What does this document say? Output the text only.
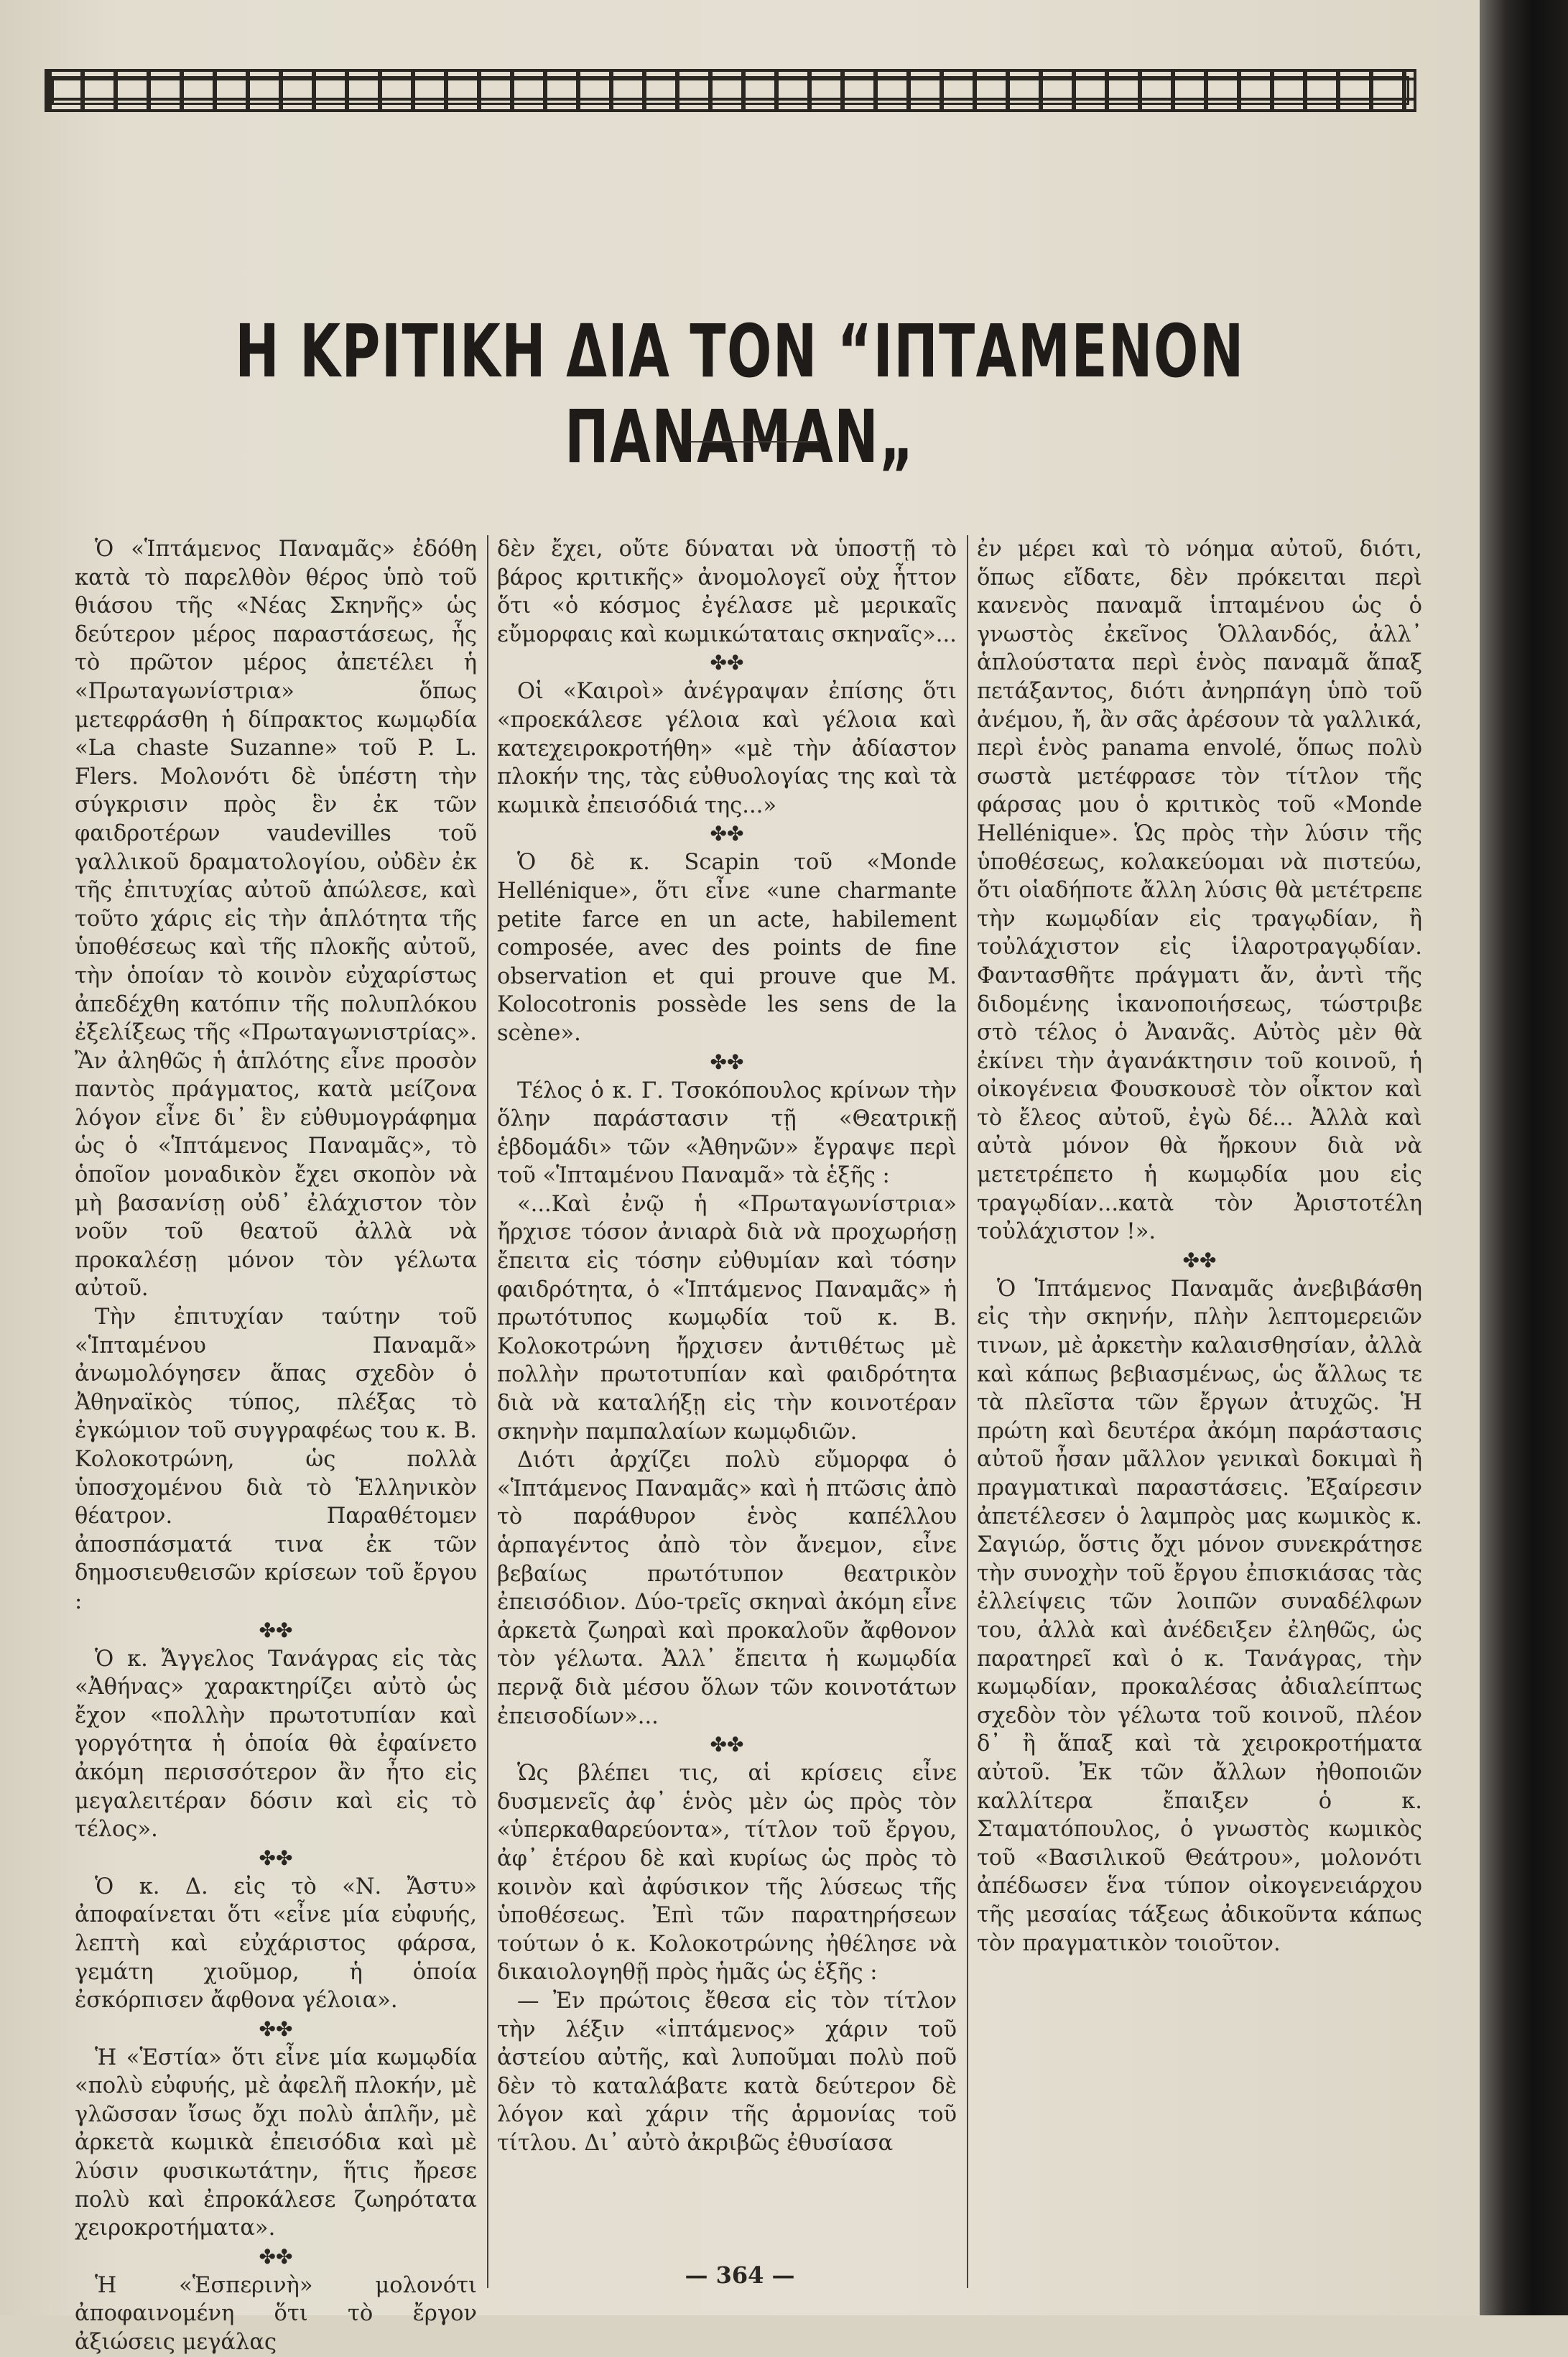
Η ΚΡΙΤΙΚΗ ΔΙΑ ΤΟΝ “ΙΠΤΑΜΕΝΟΝ ΠΑΝΑΜΑΝ„

Ὁ «Ἱπτάμενος Παναμᾶς» ἐδόθη κατὰ τὸ παρελθὸν θέρος ὑπὸ τοῦ θιάσου τῆς «Νέας Σκηνῆς» ὡς δεύτερον μέρος παραστάσεως, ἧς τὸ πρῶτον μέρος ἀπετέλει ἡ «Πρωταγωνίστρια» ὅπως μετεφράσθη ἡ δίπρακτος κωμῳδία «La chaste Suzanne» τοῦ P. L. Flers. Μολονότι δὲ ὑπέστη τὴν σύγκρισιν πρὸς ἓν ἐκ τῶν φαιδροτέρων vaudevilles τοῦ γαλλικοῦ δραματολογίου, οὐδὲν ἐκ τῆς ἐπιτυχίας αὐτοῦ ἀπώλεσε, καὶ τοῦτο χάρις εἰς τὴν ἁπλότητα τῆς ὑποθέσεως καὶ τῆς πλοκῆς αὐτοῦ, τὴν ὁποίαν τὸ κοινὸν εὐχαρίστως ἀπεδέχθη κατόπιν τῆς πολυπλόκου ἐξελίξεως τῆς «Πρωταγωνιστρίας». Ἂν ἀληθῶς ἡ ἁπλότης εἶνε προσὸν παντὸς πράγματος, κατὰ μείζονα λόγον εἶνε δι᾽ ἓν εὐθυμογράφημα ὡς ὁ «Ἱπτάμενος Παναμᾶς», τὸ ὁποῖον μοναδικὸν ἔχει σκοπὸν νὰ μὴ βασανίσῃ οὐδ᾽ ἐλάχιστον τὸν νοῦν τοῦ θεατοῦ ἀλλὰ νὰ προκαλέσῃ μόνον τὸν γέλωτα αὐτοῦ.

Τὴν ἐπιτυχίαν ταύτην τοῦ «Ἱπταμένου Παναμᾶ» ἀνωμολόγησεν ἅπας σχεδὸν ὁ Ἀθηναϊκὸς τύπος, πλέξας τὸ ἐγκώμιον τοῦ συγγραφέως του κ. Β. Κολοκοτρώνη, ὡς πολλὰ ὑποσχομένου διὰ τὸ Ἑλληνικὸν θέατρον. Παραθέτομεν ἀποσπάσματά τινα ἐκ τῶν δημοσιευθεισῶν κρίσεων τοῦ ἔργου :

✤✤

Ὁ κ. Ἄγγελος Τανάγρας εἰς τὰς «Ἀθήνας» χαρακτηρίζει αὐτὸ ὡς ἔχον «πολλὴν πρωτοτυπίαν καὶ γοργότητα ἡ ὁποία θὰ ἐφαίνετο ἀκόμη περισσότερον ἂν ἦτο εἰς μεγαλειτέραν δόσιν καὶ εἰς τὸ τέλος».

✤✤

Ὁ κ. Δ. εἰς τὸ «Ν. Ἄστυ» ἀποφαίνεται ὅτι «εἶνε μία εὐφυής, λεπτὴ καὶ εὐχάριστος φάρσα, γεμάτη χιοῦμορ, ἡ ὁποία ἐσκόρπισεν ἄφθονα γέλοια».

✤✤

Ἡ «Ἑστία» ὅτι εἶνε μία κωμῳδία «πολὺ εὐφυής, μὲ ἀφελῆ πλοκήν, μὲ γλῶσσαν ἴσως ὄχι πολὺ ἁπλῆν, μὲ ἀρκετὰ κωμικὰ ἐπεισόδια καὶ μὲ λύσιν φυσικωτάτην, ἥτις ἤρεσε πολὺ καὶ ἐπροκάλεσε ζωηρότατα χειροκροτήματα».

✤✤

Ἡ «Ἑσπερινὴ» μολονότι ἀποφαινομένη ὅτι τὸ ἔργον ἀξιώσεις μεγάλας

δὲν ἔχει, οὔτε δύναται νὰ ὑποστῇ τὸ βάρος κριτικῆς» ἀνομολογεῖ οὐχ ἧττον ὅτι «ὁ κόσμος ἐγέλασε μὲ μερικαῖς εὔμορφαις καὶ κωμικώταταις σκηναῖς»...

✤✤

Οἱ «Καιροὶ» ἀνέγραψαν ἐπίσης ὅτι «προεκάλεσε γέλοια καὶ γέλοια καὶ κατεχειροκροτήθη» «μὲ τὴν ἀδίαστον πλοκήν της, τὰς εὐθυολογίας της καὶ τὰ κωμικὰ ἐπεισόδιά της...»

✤✤

Ὁ δὲ κ. Scapin τοῦ «Monde Hellénique», ὅτι εἶνε «une charmante petite farce en un acte, habilement composée, avec des points de fine observation et qui prouve que M. Kolocotronis possède les sens de la scène».

✤✤

Τέλος ὁ κ. Γ. Τσοκόπουλος κρίνων τὴν ὅλην παράστασιν τῇ «Θεατρικῇ ἑβδομάδι» τῶν «Ἀθηνῶν» ἔγραψε περὶ τοῦ «Ἱπταμένου Παναμᾶ» τὰ ἑξῆς :

«...Καὶ ἐνῷ ἡ «Πρωταγωνίστρια» ἤρχισε τόσον ἀνιαρὰ διὰ νὰ προχωρήσῃ ἔπειτα εἰς τόσην εὐθυμίαν καὶ τόσην φαιδρότητα, ὁ «Ἱπτάμενος Παναμᾶς» ἡ πρωτότυπος κωμῳδία τοῦ κ. Β. Κολοκοτρώνη ἤρχισεν ἀντιθέτως μὲ πολλὴν πρωτοτυπίαν καὶ φαιδρότητα διὰ νὰ καταλήξῃ εἰς τὴν κοινοτέραν σκηνὴν παμπαλαίων κωμῳδιῶν.

Διότι ἀρχίζει πολὺ εὔμορφα ὁ «Ἱπτάμενος Παναμᾶς» καὶ ἡ πτῶσις ἀπὸ τὸ παράθυρον ἑνὸς καπέλλου ἁρπαγέντος ἀπὸ τὸν ἄνεμον, εἶνε βεβαίως πρωτότυπον θεατρικὸν ἐπεισόδιον. Δύο-τρεῖς σκηναὶ ἀκόμη εἶνε ἀρκετὰ ζωηραὶ καὶ προκαλοῦν ἄφθονον τὸν γέλωτα. Ἀλλ᾽ ἔπειτα ἡ κωμῳδία περνᾷ διὰ μέσου ὅλων τῶν κοινοτάτων ἐπεισοδίων»...

✤✤

Ὡς βλέπει τις, αἱ κρίσεις εἶνε δυσμενεῖς ἀφ᾽ ἑνὸς μὲν ὡς πρὸς τὸν «ὑπερκαθαρεύοντα», τίτλον τοῦ ἔργου, ἀφ᾽ ἑτέρου δὲ καὶ κυρίως ὡς πρὸς τὸ κοινὸν καὶ ἀφύσικον τῆς λύσεως τῆς ὑποθέσεως. Ἐπὶ τῶν παρατηρήσεων τούτων ὁ κ. Κολοκοτρώνης ἠθέλησε νὰ δικαιολογηθῇ πρὸς ἡμᾶς ὡς ἑξῆς :

— Ἐν πρώτοις ἔθεσα εἰς τὸν τίτλον τὴν λέξιν «ἱπτάμενος» χάριν τοῦ ἀστείου αὐτῆς, καὶ λυποῦμαι πολὺ ποῦ δὲν τὸ καταλάβατε κατὰ δεύτερον δὲ λόγον καὶ χάριν τῆς ἁρμονίας τοῦ τίτλου. Δι᾽ αὐτὸ ἀκριβῶς ἐθυσίασα

ἐν μέρει καὶ τὸ νόημα αὐτοῦ, διότι, ὅπως εἴδατε, δὲν πρόκειται περὶ κανενὸς παναμᾶ ἱπταμένου ὡς ὁ γνωστὸς ἐκεῖνος Ὁλλανδός, ἀλλ᾽ ἁπλούστατα περὶ ἑνὸς παναμᾶ ἅπαξ πετάξαντος, διότι ἀνηρπάγη ὑπὸ τοῦ ἀνέμου, ἤ, ἂν σᾶς ἀρέσουν τὰ γαλλικά, περὶ ἑνὸς panama envolé, ὅπως πολὺ σωστὰ μετέφρασε τὸν τίτλον τῆς φάρσας μου ὁ κριτικὸς τοῦ «Monde Hellénique». Ὡς πρὸς τὴν λύσιν τῆς ὑποθέσεως, κολακεύομαι νὰ πιστεύω, ὅτι οἱαδήποτε ἄλλη λύσις θὰ μετέτρεπε τὴν κωμῳδίαν εἰς τραγῳδίαν, ἢ τοὐλάχιστον εἰς ἱλαροτραγῳδίαν. Φαντασθῆτε πράγματι ἄν, ἀντὶ τῆς διδομένης ἱκανοποιήσεως, τώστριβε στὸ τέλος ὁ Ἀνανᾶς. Αὐτὸς μὲν θὰ ἐκίνει τὴν ἀγανάκτησιν τοῦ κοινοῦ, ἡ οἰκογένεια Φουσκουσὲ τὸν οἶκτον καὶ τὸ ἔλεος αὐτοῦ, ἐγὼ δέ... Ἀλλὰ καὶ αὐτὰ μόνον θὰ ἤρκουν διὰ νὰ μετετρέπετο ἡ κωμῳδία μου εἰς τραγῳδίαν...κατὰ τὸν Ἀριστοτέλη τοὐλάχιστον !».

✤✤

Ὁ Ἱπτάμενος Παναμᾶς ἀνεβιβάσθη εἰς τὴν σκηνήν, πλὴν λεπτομερειῶν τινων, μὲ ἀρκετὴν καλαισθησίαν, ἀλλὰ καὶ κάπως βεβιασμένως, ὡς ἄλλως τε τὰ πλεῖστα τῶν ἔργων ἀτυχῶς. Ἡ πρώτη καὶ δευτέρα ἀκόμη παράστασις αὐτοῦ ἦσαν μᾶλλον γενικαὶ δοκιμαὶ ἢ πραγματικαὶ παραστάσεις. Ἐξαίρεσιν ἀπετέλεσεν ὁ λαμπρὸς μας κωμικὸς κ. Σαγιώρ, ὅστις ὄχι μόνον συνεκράτησε τὴν συνοχὴν τοῦ ἔργου ἐπισκιάσας τὰς ἐλλείψεις τῶν λοιπῶν συναδέλφων του, ἀλλὰ καὶ ἀνέδειξεν ἐληθῶς, ὡς παρατηρεῖ καὶ ὁ κ. Τανάγρας, τὴν κωμῳδίαν, προκαλέσας ἀδιαλείπτως σχεδὸν τὸν γέλωτα τοῦ κοινοῦ, πλέον δ᾽ ἢ ἅπαξ καὶ τὰ χειροκροτήματα αὐτοῦ. Ἐκ τῶν ἄλλων ἠθοποιῶν καλλίτερα ἔπαιξεν ὁ κ. Σταματόπουλος, ὁ γνωστὸς κωμικὸς τοῦ «Βασιλικοῦ Θεάτρου», μολονότι ἀπέδωσεν ἕνα τύπον οἰκογενειάρχου τῆς μεσαίας τάξεως ἀδικοῦντα κάπως τὸν πραγματικὸν τοιοῦτον.

— 364 —
